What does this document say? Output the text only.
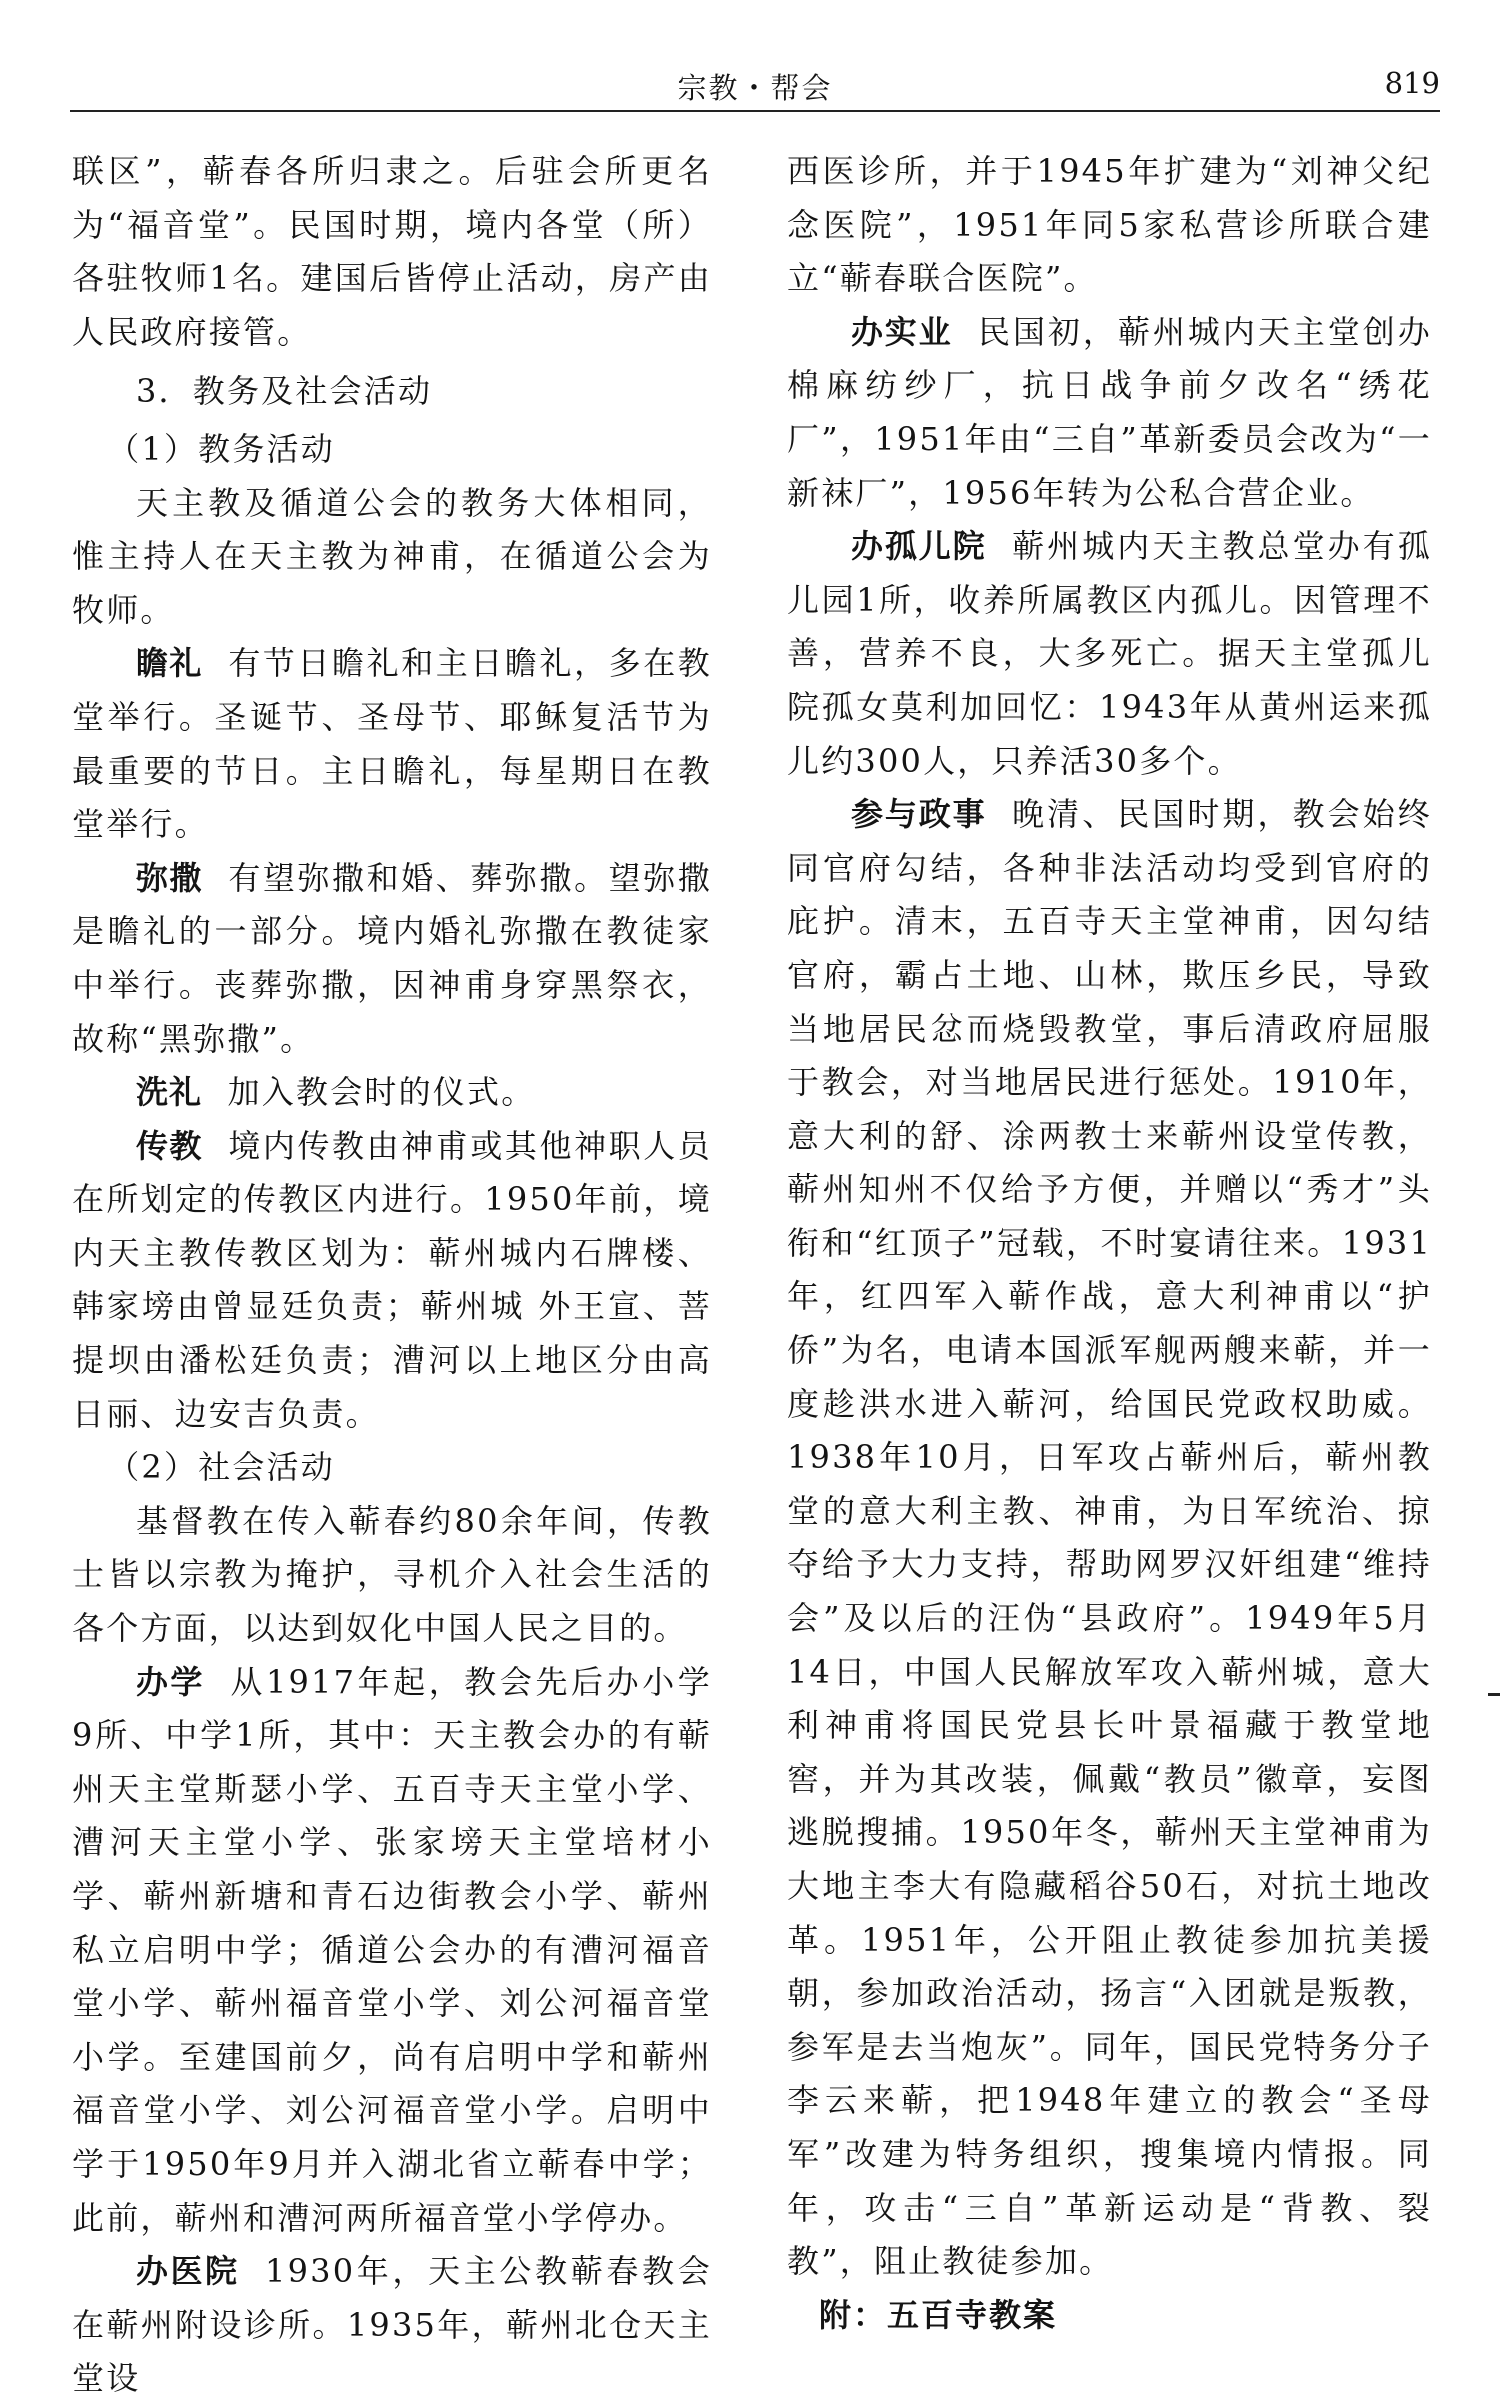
宗教・帮会	819

联区”，蕲春各所归隶之。后驻会所更名为“福音堂”。民国时期，境内各堂（所）各驻牧师1名。建国后皆停止活动，房产由人民政府接管。

3．教务及社会活动

（1）教务活动

天主教及循道公会的教务大体相同，惟主持人在天主教为神甫，在循道公会为牧师。

瞻礼 有节日瞻礼和主日瞻礼，多在教堂举行。圣诞节、圣母节、耶稣复活节为最重要的节日。主日瞻礼，每星期日在教堂举行。

弥撒 有望弥撒和婚、葬弥撒。望弥撒是瞻礼的一部分。境内婚礼弥撒在教徒家中举行。丧葬弥撒，因神甫身穿黑祭衣，故称“黑弥撒”。

洗礼 加入教会时的仪式。

传教 境内传教由神甫或其他神职人员在所划定的传教区内进行。1950年前，境内天主教传教区划为：蕲州城内石牌楼、韩家塝由曾显廷负责；蕲州城 外王宣、菩提坝由潘松廷负责；漕河以上地区分由高日丽、边安吉负责。

（2）社会活动

基督教在传入蕲春约80余年间，传教士皆以宗教为掩护，寻机介入社会生活的各个方面，以达到奴化中国人民之目的。

办学 从1917年起，教会先后办小学9所、中学1所，其中：天主教会办的有蕲州天主堂斯瑟小学、五百寺天主堂小学、漕河天主堂小学、张家塝天主堂培材小学、蕲州新塘和青石边街教会小学、蕲州私立启明中学；循道公会办的有漕河福音堂小学、蕲州福音堂小学、刘公河福音堂小学。至建国前夕，尚有启明中学和蕲州福音堂小学、刘公河福音堂小学。启明中学于1950年9月并入湖北省立蕲春中学；此前，蕲州和漕河两所福音堂小学停办。

办医院 1930年，天主公教蕲春教会在蕲州附设诊所。1935年，蕲州北仓天主堂设

西医诊所，并于1945年扩建为“刘神父纪念医院”，1951年同5家私营诊所联合建立“蕲春联合医院”。

办实业 民国初，蕲州城内天主堂创办棉麻纺纱厂，抗日战争前夕改名“绣花厂”，1951年由“三自”革新委员会改为“一新袜厂”，1956年转为公私合营企业。

办孤儿院 蕲州城内天主教总堂办有孤儿园1所，收养所属教区内孤儿。因管理不善，营养不良，大多死亡。据天主堂孤儿院孤女莫利加回忆：1943年从黄州运来孤儿约300人，只养活30多个。

参与政事 晚清、民国时期，教会始终同官府勾结，各种非法活动均受到官府的庇护。清末，五百寺天主堂神甫，因勾结官府，霸占土地、山林，欺压乡民，导致当地居民忿而烧毁教堂，事后清政府屈服于教会，对当地居民进行惩处。1910年，意大利的舒、涂两教士来蕲州设堂传教，蕲州知州不仅给予方便，并赠以“秀才”头衔和“红顶子”冠载，不时宴请往来。1931年，红四军入蕲作战，意大利神甫以“护侨”为名，电请本国派军舰两艘来蕲，并一度趁洪水进入蕲河，给国民党政权助威。1938年10月，日军攻占蕲州后，蕲州教堂的意大利主教、神甫，为日军统治、掠夺给予大力支持，帮助网罗汉奸组建“维持会”及以后的汪伪“县政府”。1949年5月14日，中国人民解放军攻入蕲州城，意大利神甫将国民党县长叶景福藏于教堂地窖，并为其改装，佩戴“教员”徽章，妄图逃脱搜捕。1950年冬，蕲州天主堂神甫为大地主李大有隐藏稻谷50石，对抗土地改革。1951年，公开阻止教徒参加抗美援朝，参加政治活动，扬言“入团就是叛教，参军是去当炮灰”。同年，国民党特务分子李云来蕲，把1948年建立的教会“圣母军”改建为特务组织，搜集境内情报。同年，攻击“三自”革新运动是“背教、裂教”，阻止教徒参加。

附：五百寺教案
